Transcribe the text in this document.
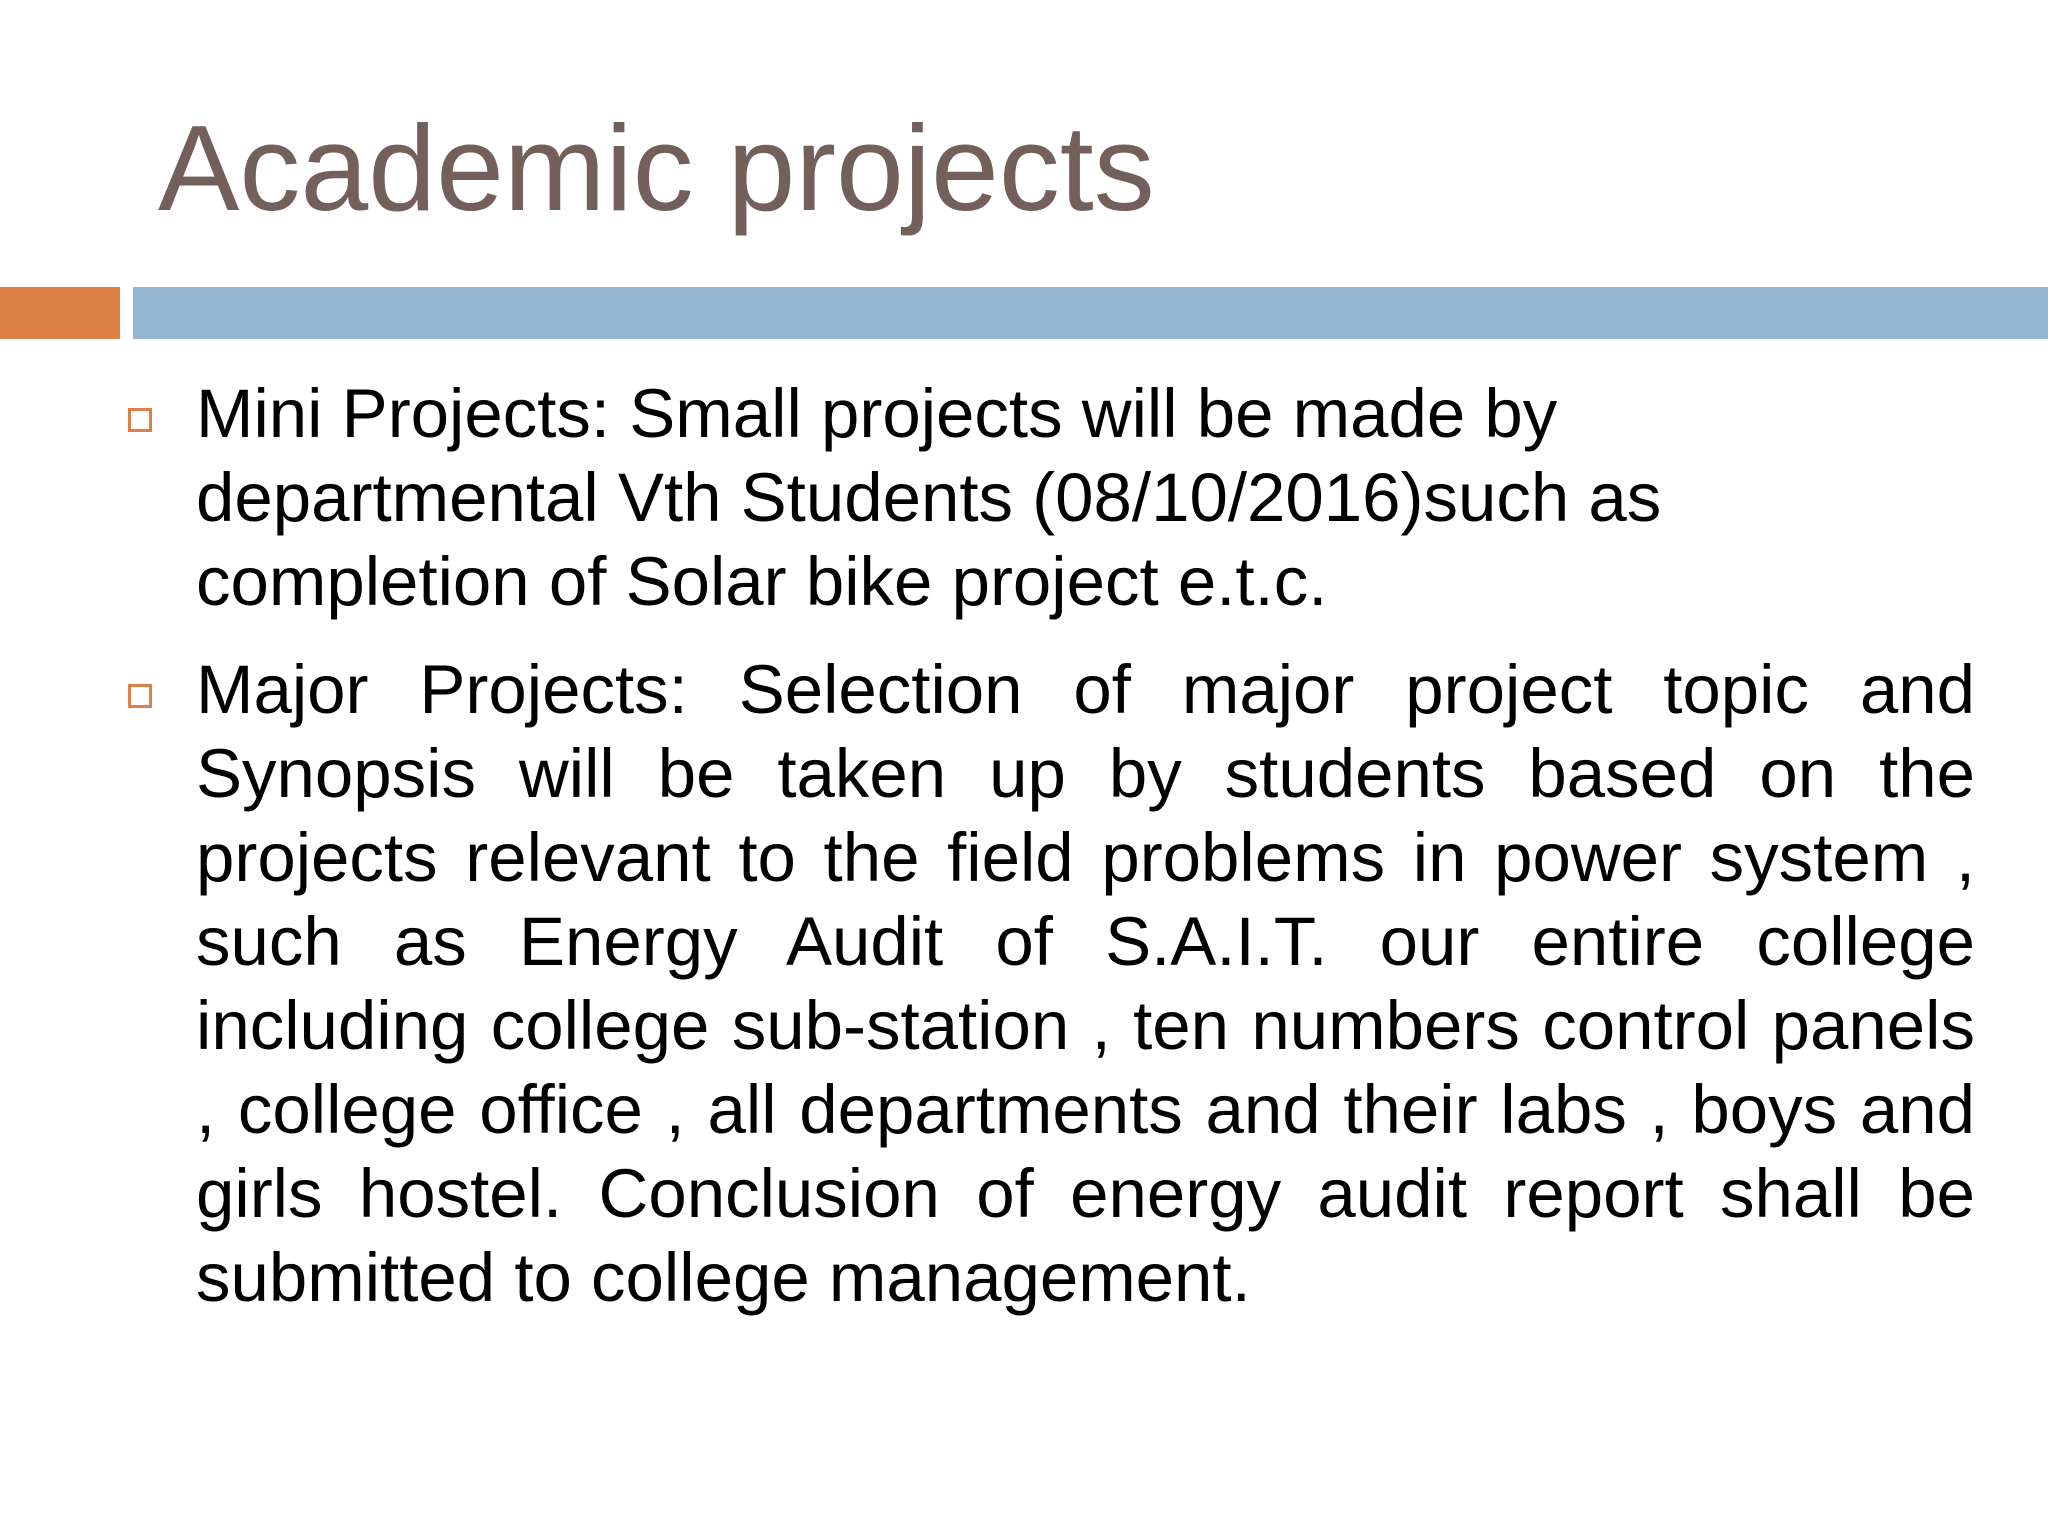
Academic projects
Mini Projects: Small projects will be made by departmental Vth Students (08/10/2016)such as completion of Solar bike project e.t.c.
Major Projects: Selection of major project topic and Synopsis will be taken up by students based on the projects relevant to the field problems in power system , such as Energy Audit of S.A.I.T. our entire college including college sub-station , ten numbers control panels , college office , all departments and their labs , boys and girls hostel. Conclusion of energy audit report shall be submitted to college management.
